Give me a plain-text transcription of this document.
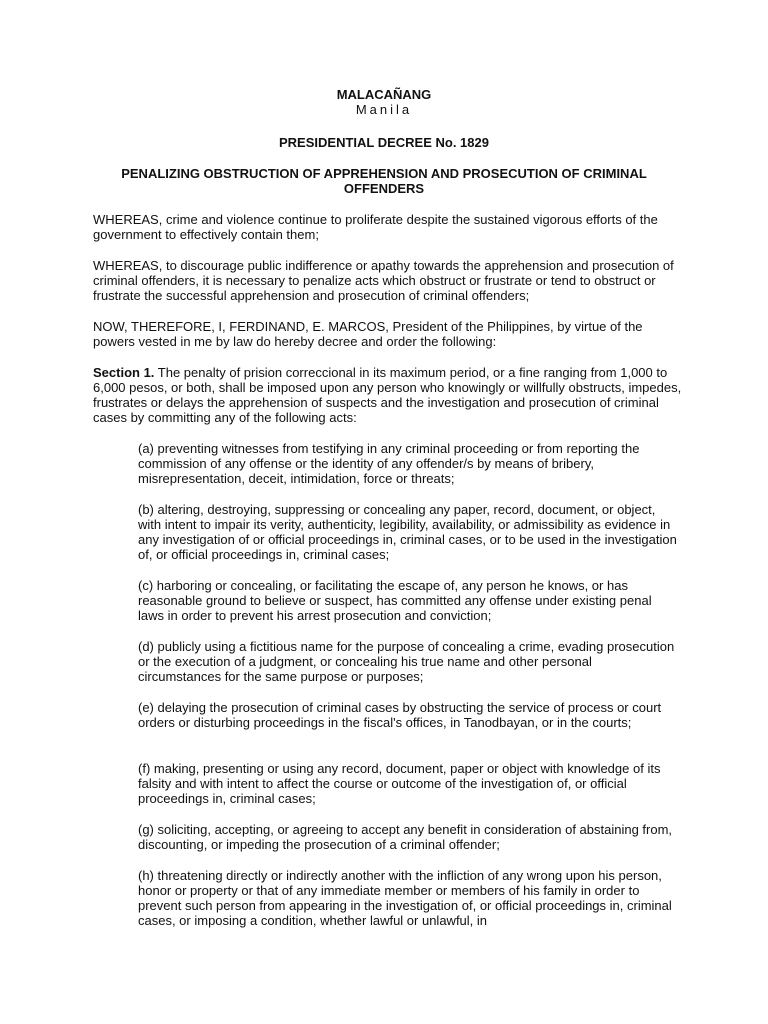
MALACAÑANG
Manila
PRESIDENTIAL DECREE No. 1829
PENALIZING OBSTRUCTION OF APPREHENSION AND PROSECUTION OF CRIMINAL OFFENDERS

WHEREAS, crime and violence continue to proliferate despite the sustained vigorous efforts of the government to effectively contain them;

WHEREAS, to discourage public indifference or apathy towards the apprehension and prosecution of criminal offenders, it is necessary to penalize acts which obstruct or frustrate or tend to obstruct or frustrate the successful apprehension and prosecution of criminal offenders;

NOW, THEREFORE, I, FERDINAND, E. MARCOS, President of the Philippines, by virtue of the powers vested in me by law do hereby decree and order the following:

Section 1. The penalty of prision correccional in its maximum period, or a fine ranging from 1,000 to 6,000 pesos, or both, shall be imposed upon any person who knowingly or willfully obstructs, impedes, frustrates or delays the apprehension of suspects and the investigation and prosecution of criminal cases by committing any of the following acts:

(a) preventing witnesses from testifying in any criminal proceeding or from reporting the commission of any offense or the identity of any offender/s by means of bribery, misrepresentation, deceit, intimidation, force or threats;

(b) altering, destroying, suppressing or concealing any paper, record, document, or object, with intent to impair its verity, authenticity, legibility, availability, or admissibility as evidence in any investigation of or official proceedings in, criminal cases, or to be used in the investigation of, or official proceedings in, criminal cases;

(c) harboring or concealing, or facilitating the escape of, any person he knows, or has reasonable ground to believe or suspect, has committed any offense under existing penal laws in order to prevent his arrest prosecution and conviction;

(d) publicly using a fictitious name for the purpose of concealing a crime, evading prosecution or the execution of a judgment, or concealing his true name and other personal circumstances for the same purpose or purposes;

(e) delaying the prosecution of criminal cases by obstructing the service of process or court orders or disturbing proceedings in the fiscal's offices, in Tanodbayan, or in the courts;

(f) making, presenting or using any record, document, paper or object with knowledge of its falsity and with intent to affect the course or outcome of the investigation of, or official proceedings in, criminal cases;

(g) soliciting, accepting, or agreeing to accept any benefit in consideration of abstaining from, discounting, or impeding the prosecution of a criminal offender;

(h) threatening directly or indirectly another with the infliction of any wrong upon his person, honor or property or that of any immediate member or members of his family in order to prevent such person from appearing in the investigation of, or official proceedings in, criminal cases, or imposing a condition, whether lawful or unlawful, in
